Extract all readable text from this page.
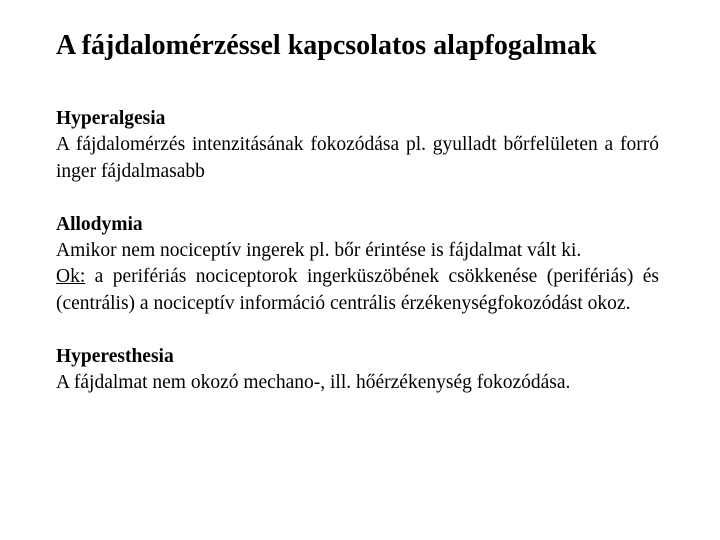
A fájdalomérzéssel kapcsolatos alapfogalmak
Hyperalgesia
A fájdalomérzés intenzitásának fokozódása pl. gyulladt bőrfelületen a forró inger fájdalmasabb
Allodymia
Amikor nem nociceptív ingerek pl. bőr érintése is fájdalmat vált ki.
Ok: a perifériás nociceptorok ingerküszöbének csökkenése (perifériás) és (centrális) a nociceptív információ centrális érzékenységfokozódást okoz.
Hyperesthesia
A fájdalmat nem okozó mechano-, ill. hőérzékenység fokozódása.
